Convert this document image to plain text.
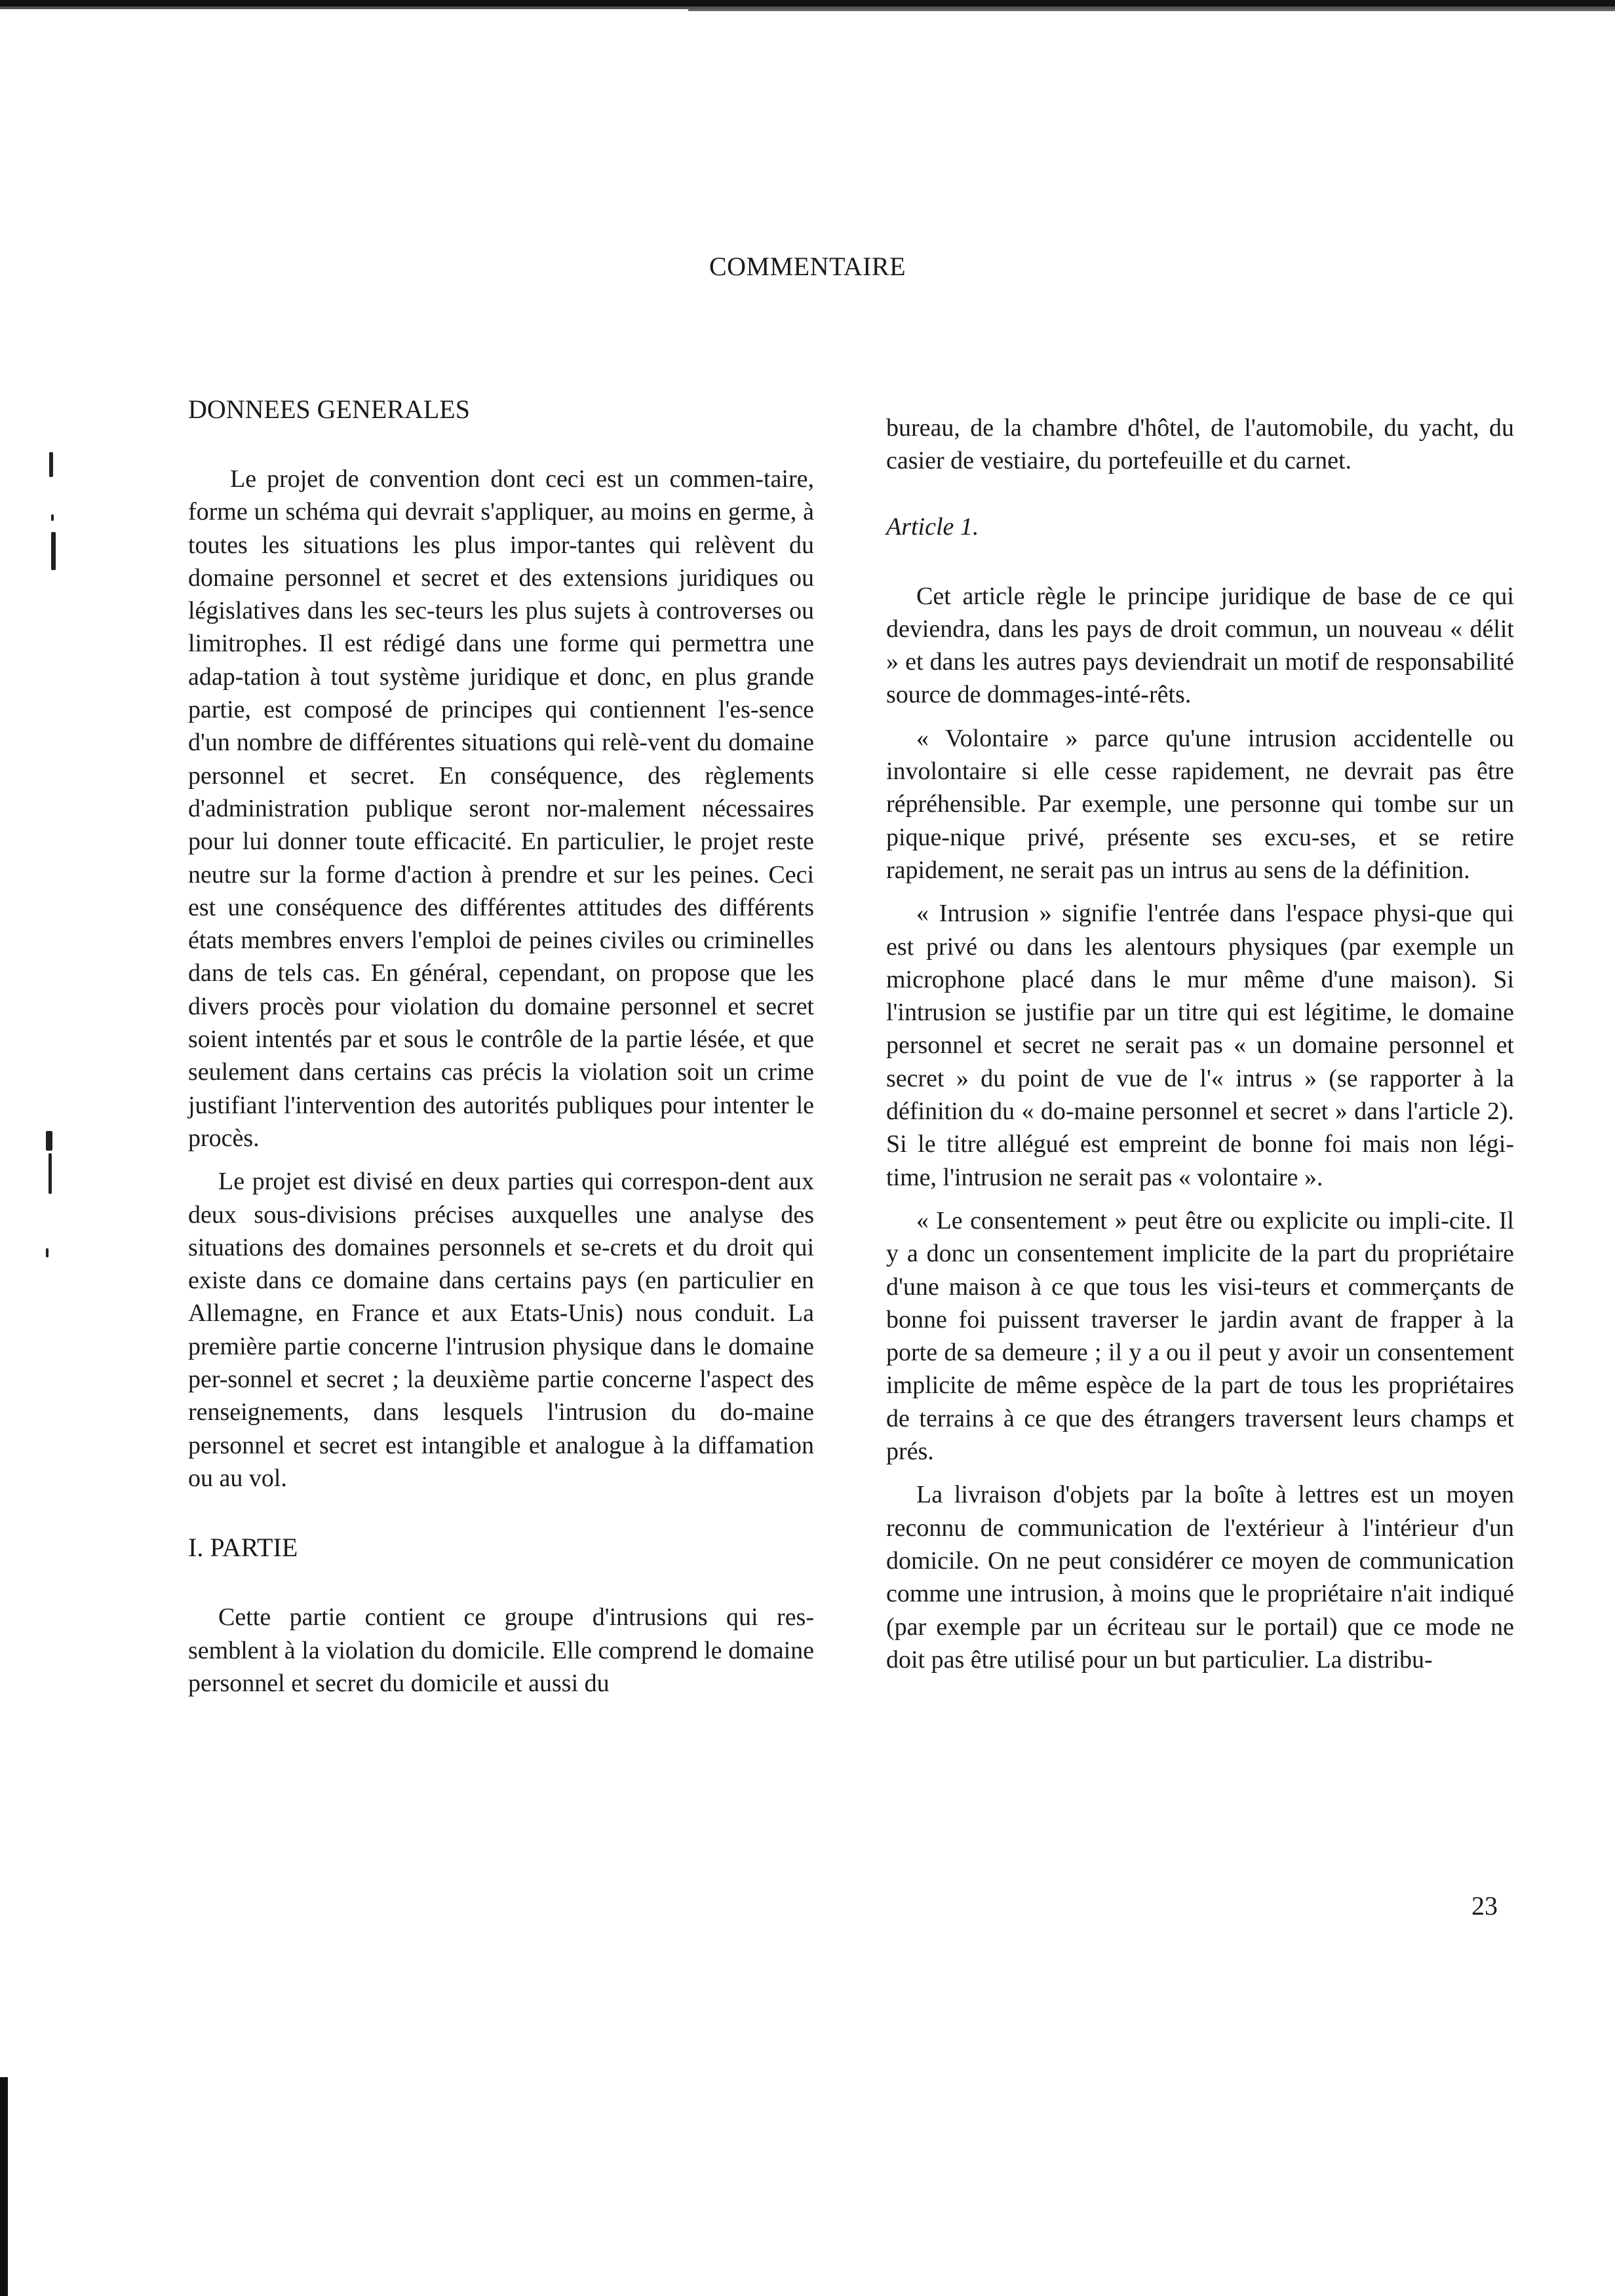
COMMENTAIRE
DONNEES GENERALES

Le projet de convention dont ceci est un commen-taire, forme un schéma qui devrait s'appliquer, au moins en germe, à toutes les situations les plus impor-tantes qui relèvent du domaine personnel et secret et des extensions juridiques ou législatives dans les sec-teurs les plus sujets à controverses ou limitrophes. Il est rédigé dans une forme qui permettra une adap-tation à tout système juridique et donc, en plus grande partie, est composé de principes qui contiennent l'es-sence d'un nombre de différentes situations qui relè-vent du domaine personnel et secret. En conséquence, des règlements d'administration publique seront nor-malement nécessaires pour lui donner toute efficacité. En particulier, le projet reste neutre sur la forme d'action à prendre et sur les peines. Ceci est une conséquence des différentes attitudes des différents états membres envers l'emploi de peines civiles ou criminelles dans de tels cas. En général, cependant, on propose que les divers procès pour violation du domaine personnel et secret soient intentés par et sous le contrôle de la partie lésée, et que seulement dans certains cas précis la violation soit un crime justifiant l'intervention des autorités publiques pour intenter le procès.

Le projet est divisé en deux parties qui correspon-dent aux deux sous-divisions précises auxquelles une analyse des situations des domaines personnels et se-crets et du droit qui existe dans ce domaine dans certains pays (en particulier en Allemagne, en France et aux Etats-Unis) nous conduit. La première partie concerne l'intrusion physique dans le domaine per-sonnel et secret ; la deuxième partie concerne l'aspect des renseignements, dans lesquels l'intrusion du do-maine personnel et secret est intangible et analogue à la diffamation ou au vol.

I. PARTIE

Cette partie contient ce groupe d'intrusions qui res-semblent à la violation du domicile. Elle comprend le domaine personnel et secret du domicile et aussi du

bureau, de la chambre d'hôtel, de l'automobile, du yacht, du casier de vestiaire, du portefeuille et du carnet.

Article 1.

Cet article règle le principe juridique de base de ce qui deviendra, dans les pays de droit commun, un nouveau « délit » et dans les autres pays deviendrait un motif de responsabilité source de dommages-inté-rêts.

« Volontaire » parce qu'une intrusion accidentelle ou involontaire si elle cesse rapidement, ne devrait pas être répréhensible. Par exemple, une personne qui tombe sur un pique-nique privé, présente ses excu-ses, et se retire rapidement, ne serait pas un intrus au sens de la définition.

« Intrusion » signifie l'entrée dans l'espace physi-que qui est privé ou dans les alentours physiques (par exemple un microphone placé dans le mur même d'une maison). Si l'intrusion se justifie par un titre qui est légitime, le domaine personnel et secret ne serait pas « un domaine personnel et secret » du point de vue de l'« intrus » (se rapporter à la définition du « do-maine personnel et secret » dans l'article 2). Si le titre allégué est empreint de bonne foi mais non légi-time, l'intrusion ne serait pas « volontaire ».

« Le consentement » peut être ou explicite ou impli-cite. Il y a donc un consentement implicite de la part du propriétaire d'une maison à ce que tous les visi-teurs et commerçants de bonne foi puissent traverser le jardin avant de frapper à la porte de sa demeure ; il y a ou il peut y avoir un consentement implicite de même espèce de la part de tous les propriétaires de terrains à ce que des étrangers traversent leurs champs et prés.

La livraison d'objets par la boîte à lettres est un moyen reconnu de communication de l'extérieur à l'intérieur d'un domicile. On ne peut considérer ce moyen de communication comme une intrusion, à moins que le propriétaire n'ait indiqué (par exemple par un écriteau sur le portail) que ce mode ne doit pas être utilisé pour un but particulier. La distribu-

23
